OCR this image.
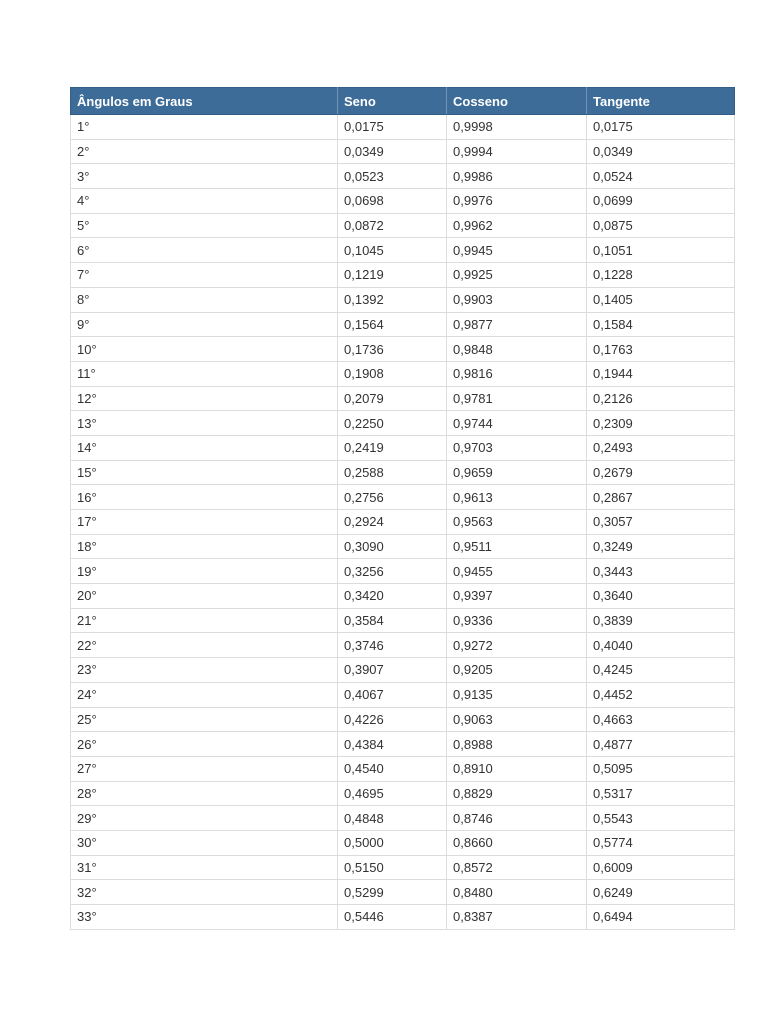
Ângulos em Graus	Seno	Cosseno	Tangente
1°	0,0175	0,9998	0,0175
2°	0,0349	0,9994	0,0349
3°	0,0523	0,9986	0,0524
4°	0,0698	0,9976	0,0699
5°	0,0872	0,9962	0,0875
6°	0,1045	0,9945	0,1051
7°	0,1219	0,9925	0,1228
8°	0,1392	0,9903	0,1405
9°	0,1564	0,9877	0,1584
10°	0,1736	0,9848	0,1763
11°	0,1908	0,9816	0,1944
12°	0,2079	0,9781	0,2126
13°	0,2250	0,9744	0,2309
14°	0,2419	0,9703	0,2493
15°	0,2588	0,9659	0,2679
16°	0,2756	0,9613	0,2867
17°	0,2924	0,9563	0,3057
18°	0,3090	0,9511	0,3249
19°	0,3256	0,9455	0,3443
20°	0,3420	0,9397	0,3640
21°	0,3584	0,9336	0,3839
22°	0,3746	0,9272	0,4040
23°	0,3907	0,9205	0,4245
24°	0,4067	0,9135	0,4452
25°	0,4226	0,9063	0,4663
26°	0,4384	0,8988	0,4877
27°	0,4540	0,8910	0,5095
28°	0,4695	0,8829	0,5317
29°	0,4848	0,8746	0,5543
30°	0,5000	0,8660	0,5774
31°	0,5150	0,8572	0,6009
32°	0,5299	0,8480	0,6249
33°	0,5446	0,8387	0,6494
